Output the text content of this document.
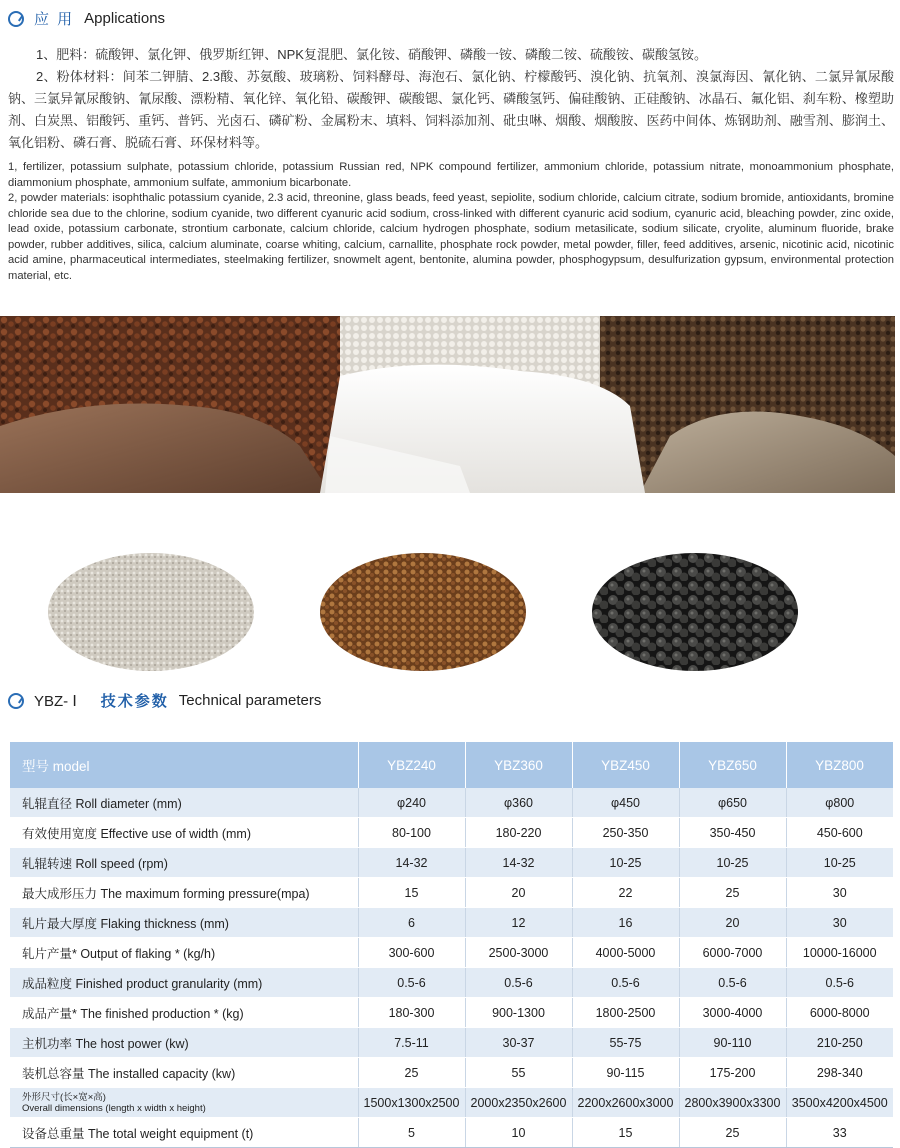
应 用 Applications

1、肥料：硫酸钾、氯化钾、俄罗斯红钾、NPK复混肥、氯化铵、硝酸钾、磷酸一铵、磷酸二铵、硫酸铵、碳酸氢铵。

2、粉体材料：间苯二钾腈、2.3酸、苏氨酸、玻璃粉、饲料酵母、海泡石、氯化钠、柠檬酸钙、溴化钠、抗氧剂、溴氯海因、氰化钠、二氯异氰尿酸钠、三氯异氰尿酸钠、氰尿酸、漂粉精、氧化锌、氧化铅、碳酸钾、碳酸锶、氯化钙、磷酸氢钙、偏硅酸钠、正硅酸钠、冰晶石、氟化铝、刹车粉、橡塑助剂、白炭黑、铝酸钙、重钙、普钙、光卤石、磷矿粉、金属粉末、填料、饲料添加剂、砒虫啉、烟酸、烟酸胺、医药中间体、炼钢助剂、融雪剂、膨润土、氧化铝粉、磷石膏、脱硫石膏、环保材料等。

1, fertilizer, potassium sulphate, potassium chloride, potassium Russian red, NPK compound fertilizer, ammonium chloride, potassium nitrate, monoammonium phosphate, diammonium phosphate, ammonium sulfate, ammonium bicarbonate.

2, powder materials: isophthalic potassium cyanide, 2.3 acid, threonine, glass beads, feed yeast, sepiolite, sodium chloride, calcium citrate, sodium bromide, antioxidants, bromine chloride sea due to the chlorine, sodium cyanide, two different cyanuric acid sodium, cross-linked with different cyanuric acid sodium, cyanuric acid, bleaching powder, zinc oxide, lead oxide, potassium carbonate, strontium carbonate, calcium chloride, calcium hydrogen phosphate, sodium metasilicate, sodium silicate, cryolite, aluminum fluoride, brake powder, rubber additives, silica, calcium aluminate, coarse whiting, calcium, carnallite, phosphate rock powder, metal powder, filler, feed additives, arsenic, nicotinic acid, nicotinic acid amine, pharmaceutical intermediates, steelmaking fertilizer, snowmelt agent, bentonite, alumina powder, phosphogypsum, desulfurization gypsum, environmental protection material, etc.

YBZ- Ⅰ 技术参数 Technical parameters
型号 model	YBZ240	YBZ360	YBZ450	YBZ650	YBZ800
轧辊直径 Roll diameter (mm)	φ240	φ360	φ450	φ650	φ800
有效使用宽度 Effective use of width (mm)	80-100	180-220	250-350	350-450	450-600
轧辊转速 Roll speed (rpm)	14-32	14-32	10-25	10-25	10-25
最大成形压力 The maximum forming pressure(mpa)	15	20	22	25	30
轧片最大厚度 Flaking thickness (mm)	6	12	16	20	30
轧片产量* Output of flaking * (kg/h)	300-600	2500-3000	4000-5000	6000-7000	10000-16000
成品粒度 Finished product granularity (mm)	0.5-6	0.5-6	0.5-6	0.5-6	0.5-6
成品产量* The finished production * (kg)	180-300	900-1300	1800-2500	3000-4000	6000-8000
主机功率 The host power (kw)	7.5-11	30-37	55-75	90-110	210-250
装机总容量 The installed capacity (kw)	25	55	90-115	175-200	298-340

外形尺寸(长×宽×高)
Overall dimensions (length x width x height)	1500x1300x2500	2000x2350x2600	2200x2600x3000	2800x3900x3300	3500x4200x4500
设备总重量 The total weight equipment (t)	5	10	15	25	33
